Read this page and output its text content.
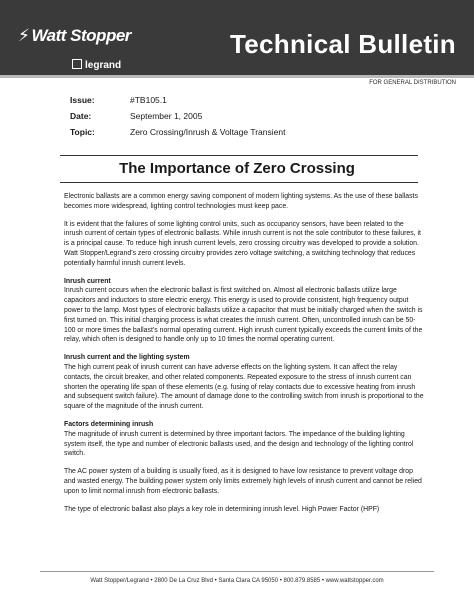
⚡ Watt Stopper
legrand
Technical Bulletin
FOR GENERAL DISTRIBUTION
Issue:	#TB105.1
Date:	September 1, 2005
Topic:	Zero Crossing/Inrush & Voltage Transient
The Importance of Zero Crossing

Electronic ballasts are a common energy saving component of modern lighting systems. As the use of these ballasts becomes more widespread, lighting control technologies must keep pace.

It is evident that the failures of some lighting control units, such as occupancy sensors, have been related to the inrush current of certain types of electronic ballasts. While inrush current is not the sole contributor to these failures, it is a principal cause. To reduce high inrush current levels, zero crossing circuitry was developed to provide a solution. Watt Stopper/Legrand’s zero crossing circuitry provides zero voltage switching, a switching technology that reduces potentially harmful inrush current levels.

Inrush current

Inrush current occurs when the electronic ballast is first switched on. Almost all electronic ballasts utilize large capacitors and inductors to store electric energy. This energy is used to provide consistent, high frequency output power to the lamp. Most types of electronic ballasts utilize a capacitor that must be initially charged when the switch is first turned on. This initial charging process is what creates the inrush current. Often, uncontrolled inrush can be 50-100 or more times the ballast’s normal operating current. High inrush current typically exceeds the current limits of the relay, which often is designed to handle only up to 10 times the normal operating current.

Inrush current and the lighting system

The high current peak of inrush current can have adverse effects on the lighting system. It can affect the relay contacts, the circuit breaker, and other related components. Repeated exposure to the stress of inrush current can shorten the operating life span of these elements (e.g. fusing of relay contacts due to excessive heating from inrush and subsequent switch failure). The amount of damage done to the controlling switch from inrush is proportional to the square of the magnitude of the inrush current.

Factors determining inrush

The magnitude of inrush current is determined by three important factors. The impedance of the building lighting system itself, the type and number of electronic ballasts used, and the design and technology of the lighting control switch.

The AC power system of a building is usually fixed, as it is designed to have low resistance to prevent voltage drop and wasted energy. The building power system only limits extremely high levels of inrush current and cannot be relied upon to limit normal inrush from electronic ballasts.

The type of electronic ballast also plays a key role in determining inrush level. High Power Factor (HPF)

Watt Stopper/Legrand • 2800 De La Cruz Blvd • Santa Clara CA 95050 • 800.879.8585 • www.wattstopper.com
